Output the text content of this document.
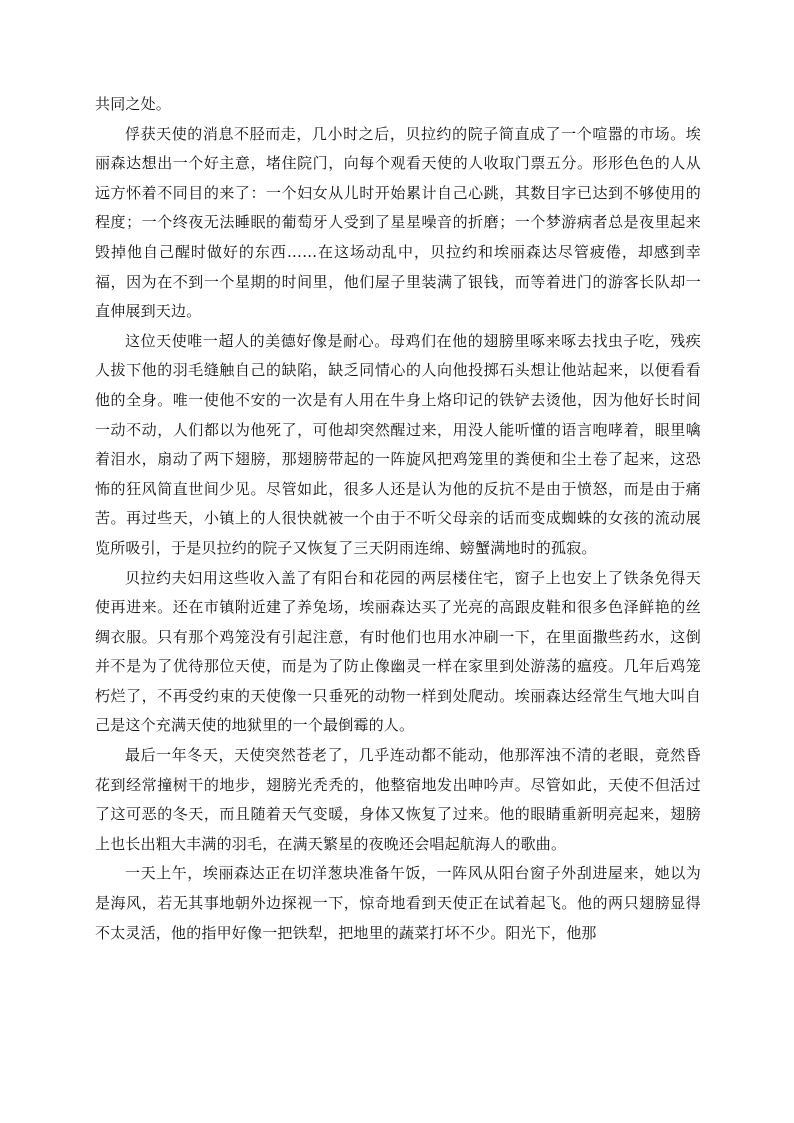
共同之处。

俘获天使的消息不胫而走，几小时之后，贝拉约的院子简直成了一个喧嚣的市场。埃丽森达想出一个好主意，堵住院门，向每个观看天使的人收取门票五分。形形色色的人从远方怀着不同目的来了：一个妇女从儿时开始累计自己心跳，其数目字已达到不够使用的程度；一个终夜无法睡眠的葡萄牙人受到了星星噪音的折磨；一个梦游病者总是夜里起来毁掉他自己醒时做好的东西……在这场动乱中，贝拉约和埃丽森达尽管疲倦，却感到幸福，因为在不到一个星期的时间里，他们屋子里装满了银钱，而等着进门的游客长队却一直伸展到天边。

这位天使唯一超人的美德好像是耐心。母鸡们在他的翅膀里啄来啄去找虫子吃，残疾人拔下他的羽毛缝触自己的缺陷，缺乏同情心的人向他投掷石头想让他站起来，以便看看他的全身。唯一使他不安的一次是有人用在牛身上烙印记的铁铲去烫他，因为他好长时间一动不动，人们都以为他死了，可他却突然醒过来，用没人能听懂的语言咆哮着，眼里噙着泪水，扇动了两下翅膀，那翅膀带起的一阵旋风把鸡笼里的粪便和尘土卷了起来，这恐怖的狂风简直世间少见。尽管如此，很多人还是认为他的反抗不是由于愤怒，而是由于痛苦。再过些天，小镇上的人很快就被一个由于不听父母亲的话而变成蜘蛛的女孩的流动展览所吸引，于是贝拉约的院子又恢复了三天阴雨连绵、螃蟹满地时的孤寂。

贝拉约夫妇用这些收入盖了有阳台和花园的两层楼住宅，窗子上也安上了铁条免得天使再进来。还在市镇附近建了养兔场，埃丽森达买了光亮的高跟皮鞋和很多色泽鲜艳的丝绸衣服。只有那个鸡笼没有引起注意，有时他们也用水冲刷一下，在里面撒些药水，这倒并不是为了优待那位天使，而是为了防止像幽灵一样在家里到处游荡的瘟疫。几年后鸡笼朽烂了，不再受约束的天使像一只垂死的动物一样到处爬动。埃丽森达经常生气地大叫自己是这个充满天使的地狱里的一个最倒霉的人。

最后一年冬天，天使突然苍老了，几乎连动都不能动，他那浑浊不清的老眼，竟然昏花到经常撞树干的地步，翅膀光秃秃的，他整宿地发出呻吟声。尽管如此，天使不但活过了这可恶的冬天，而且随着天气变暖，身体又恢复了过来。他的眼睛重新明亮起来，翅膀上也长出粗大丰满的羽毛，在满天繁星的夜晚还会唱起航海人的歌曲。

一天上午，埃丽森达正在切洋葱块准备午饭，一阵风从阳台窗子外刮进屋来，她以为是海风，若无其事地朝外边探视一下，惊奇地看到天使正在试着起飞。他的两只翅膀显得不太灵活，他的指甲好像一把铁犁，把地里的蔬菜打坏不少。阳光下，他那
